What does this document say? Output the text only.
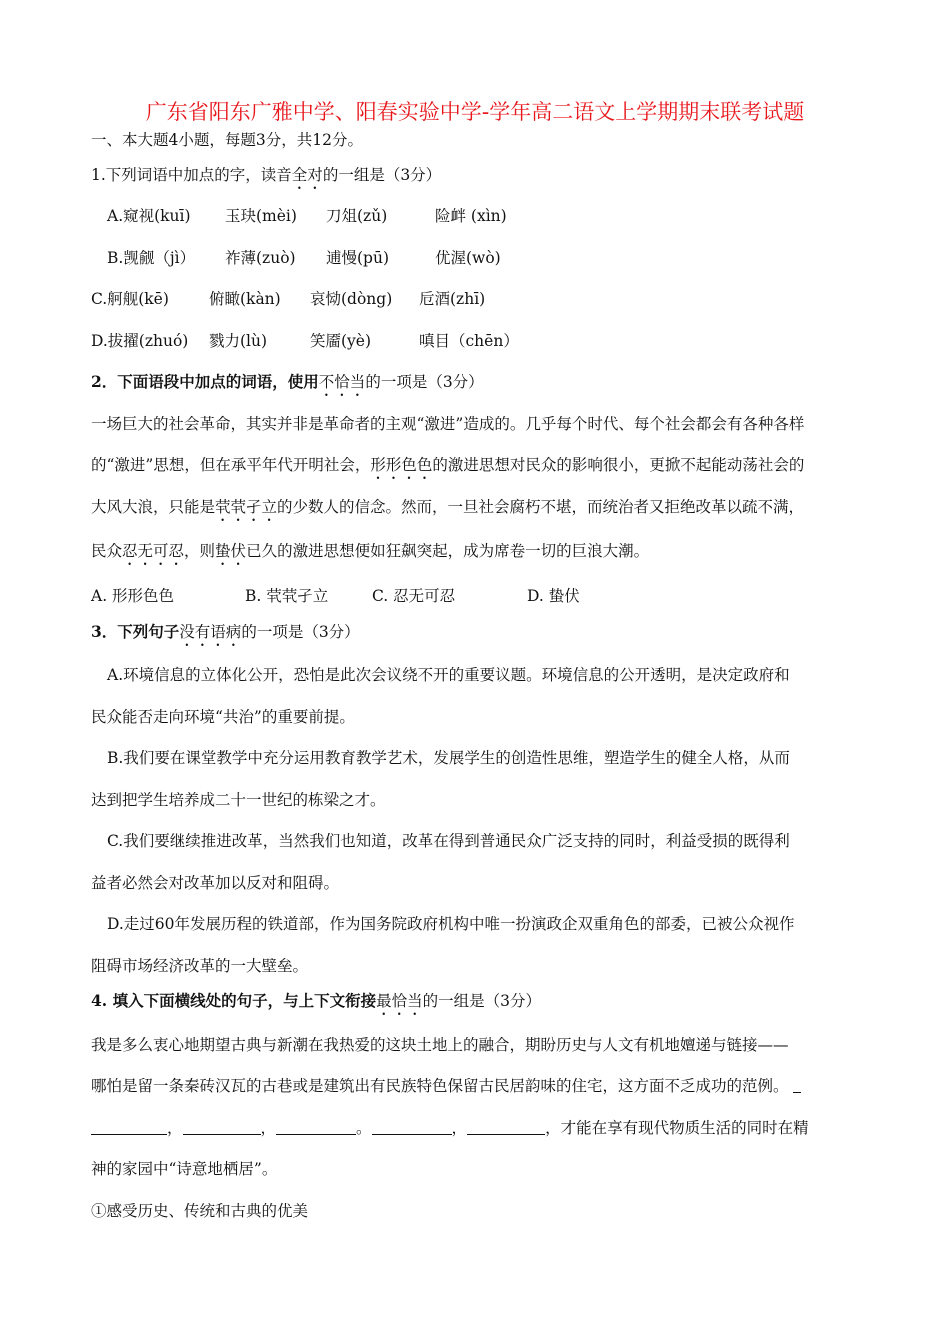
广东省阳东广雅中学、阳春实验中学-学年高二语文上学期期末联考试题
一、本大题4小题，每题3分，共12分。
1.下列词语中加点的字，读音全对的一组是（3分）
A.窥视(kuī) 玉玦(mèi) 刀俎(zǔ)	险衅 (xìn)
B.觊觎（jì） 祚薄(zuò) 逋慢(pū)	优渥(wò)
C.舸舰(kē)	俯瞰(kàn) 哀恸(dòng) 卮酒(zhī)
D.拔擢(zhuó) 戮力(lù)	笑靥(yè)	嗔目（chēn）
2．下面语段中加点的词语，使用不恰当的一项是（3分）
一场巨大的社会革命，其实并非是革命者的主观“激进”造成的。几乎每个时代、每个社会都会有各种各样
的“激进”思想，但在承平年代开明社会，形形色色的激进思想对民众的影响很小，更掀不起能动荡社会的
大风大浪，只能是茕茕孑立的少数人的信念。然而，一旦社会腐朽不堪，而统治者又拒绝改革以疏不满，
民众忍无可忍，则蛰伏已久的激进思想便如狂飙突起，成为席卷一切的巨浪大潮。
A. 形形色色	B. 茕茕孑立	C. 忍无可忍	D. 蛰伏
3．下列句子没有语病的一项是（3分）
A.环境信息的立体化公开，恐怕是此次会议绕不开的重要议题。环境信息的公开透明，是决定政府和
民众能否走向环境“共治”的重要前提。
B.我们要在课堂教学中充分运用教育教学艺术，发展学生的创造性思维，塑造学生的健全人格，从而
达到把学生培养成二十一世纪的栋梁之才。
C.我们要继续推进改革，当然我们也知道，改革在得到普通民众广泛支持的同时，利益受损的既得利
益者必然会对改革加以反对和阻碍。
D.走过60年发展历程的铁道部，作为国务院政府机构中唯一扮演政企双重角色的部委，已被公众视作
阻碍市场经济改革的一大壁垒。
4. 填入下面横线处的句子，与上下文衔接最恰当的一组是（3分）
我是多么衷心地期望古典与新潮在我热爱的这块土地上的融合，期盼历史与人文有机地嬗递与链接——
哪怕是留一条秦砖汉瓦的古巷或是建筑出有民族特色保留古民居韵味的住宅，这方面不乏成功的范例。
，	，	。	，	，才能在享有现代物质生活的同时在精
神的家园中“诗意地栖居”。
①感受历史、传统和古典的优美
